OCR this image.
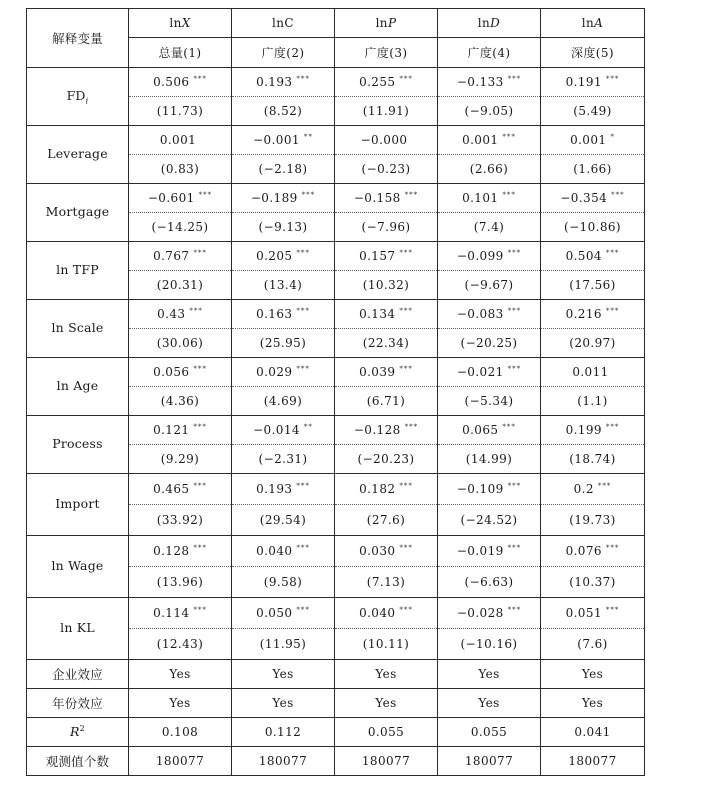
解释变量	lnX	lnC	lnP	lnD	lnA
	总量(1)	广度(2)	广度(3)	广度(4)	深度(5)
$FD_i$	0.506 ***	0.193 ***	0.255 ***	−0.133 ***	0.191 ***
	(11.73)	(8.52)	(11.91)	(−9.05)	(5.49)
Leverage	0.001	−0.001 **	−0.000	0.001 ***	0.001 *
	(0.83)	(−2.18)	(−0.23)	(2.66)	(1.66)
Mortgage	−0.601 ***	−0.189 ***	−0.158 ***	0.101 ***	−0.354 ***
	(−14.25)	(−9.13)	(−7.96)	(7.4)	(−10.86)
ln TFP	0.767 ***	0.205 ***	0.157 ***	−0.099 ***	0.504 ***
	(20.31)	(13.4)	(10.32)	(−9.67)	(17.56)
ln Scale	0.43 ***	0.163 ***	0.134 ***	−0.083 ***	0.216 ***
	(30.06)	(25.95)	(22.34)	(−20.25)	(20.97)
ln Age	0.056 ***	0.029 ***	0.039 ***	−0.021 ***	0.011
	(4.36)	(4.69)	(6.71)	(−5.34)	(1.1)
Process	0.121 ***	−0.014 **	−0.128 ***	0.065 ***	0.199 ***
	(9.29)	(−2.31)	(−20.23)	(14.99)	(18.74)
Import	0.465 ***	0.193 ***	0.182 ***	−0.109 ***	0.2 ***
	(33.92)	(29.54)	(27.6)	(−24.52)	(19.73)
ln Wage	0.128 ***	0.040 ***	0.030 ***	−0.019 ***	0.076 ***
	(13.96)	(9.58)	(7.13)	(−6.63)	(10.37)
ln KL	0.114 ***	0.050 ***	0.040 ***	−0.028 ***	0.051 ***
	(12.43)	(11.95)	(10.11)	(−10.16)	(7.6)
企业效应	Yes	Yes	Yes	Yes	Yes
年份效应	Yes	Yes	Yes	Yes	Yes
$R^2$	0.108	0.112	0.055	0.055	0.041
观测值个数	180077	180077	180077	180077	180077
